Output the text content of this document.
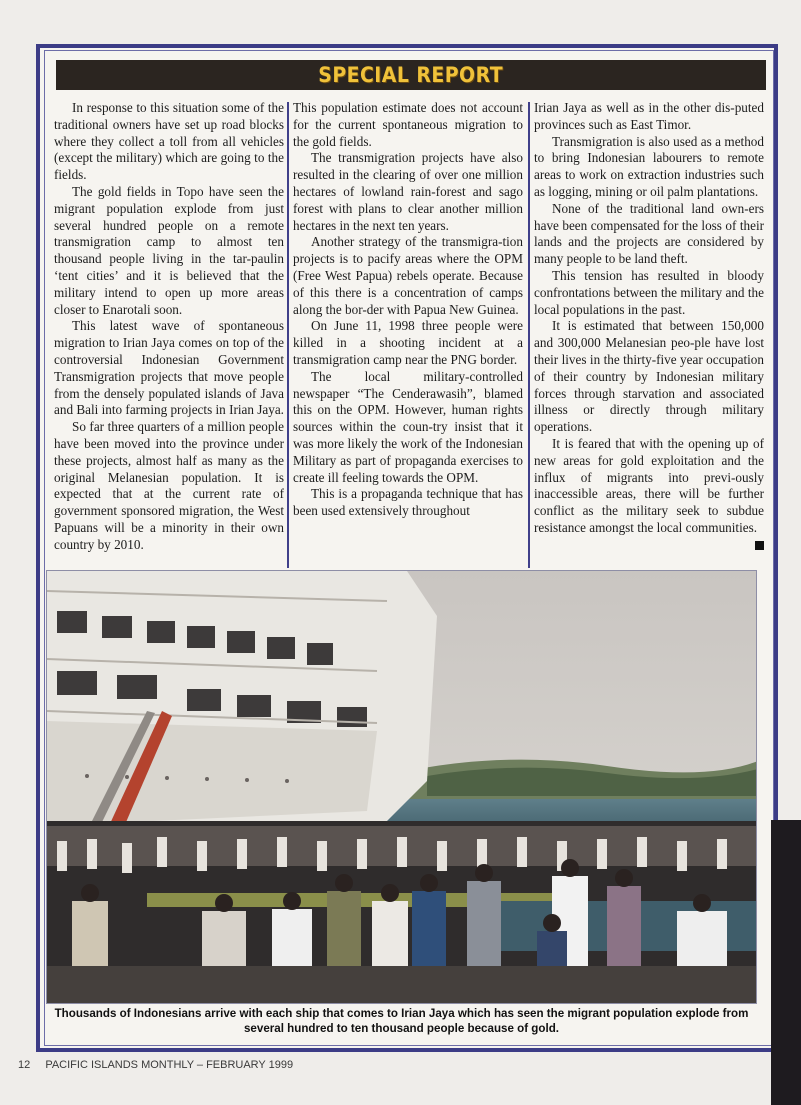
SPECIAL REPORT

In response to this situation some of the traditional owners have set up road blocks where they collect a toll from all vehicles (except the military) which are going to the fields.

The gold fields in Topo have seen the migrant population explode from just several hundred people on a remote transmigration camp to almost ten thousand people living in the tar-paulin ‘tent cities’ and it is believed that the military intend to open up more areas closer to Enarotali soon.

This latest wave of spontaneous migration to Irian Jaya comes on top of the controversial Indonesian Government Transmigration projects that move people from the densely populated islands of Java and Bali into farming projects in Irian Jaya.

So far three quarters of a million people have been moved into the province under these projects, almost half as many as the original Melanesian population. It is expected that at the current rate of government sponsored migration, the West Papuans will be a minority in their own country by 2010.

This population estimate does not account for the current spontaneous migration to the gold fields.

The transmigration projects have also resulted in the clearing of over one million hectares of lowland rain-forest and sago forest with plans to clear another million hectares in the next ten years.

Another strategy of the transmigra-tion projects is to pacify areas where the OPM (Free West Papua) rebels operate. Because of this there is a concentration of camps along the bor-der with Papua New Guinea.

On June 11, 1998 three people were killed in a shooting incident at a transmigration camp near the PNG border.

The local military-controlled newspaper “The Cenderawasih”, blamed this on the OPM. However, human rights sources within the coun-try insist that it was more likely the work of the Indonesian Military as part of propaganda exercises to create ill feeling towards the OPM.

This is a propaganda technique that has been used extensively throughout

Irian Jaya as well as in the other dis-puted provinces such as East Timor.

Transmigration is also used as a method to bring Indonesian labourers to remote areas to work on extraction industries such as logging, mining or oil palm plantations.

None of the traditional land own-ers have been compensated for the loss of their lands and the projects are considered by many people to be land theft.

This tension has resulted in bloody confrontations between the military and the local populations in the past.

It is estimated that between 150,000 and 300,000 Melanesian peo-ple have lost their lives in the thirty-five year occupation of their country by Indonesian military forces through starvation and associated illness or directly through military operations.

It is feared that with the opening up of new areas for gold exploitation and the influx of migrants into previ-ously inaccessible areas, there will be further conflict as the military seek to subdue resistance amongst the local communities.

Thousands of Indonesians arrive with each ship that comes to Irian Jaya which has seen the migrant population explode from several hundred to ten thousand people because of gold.
12 PACIFIC ISLANDS MONTHLY – FEBRUARY 1999
